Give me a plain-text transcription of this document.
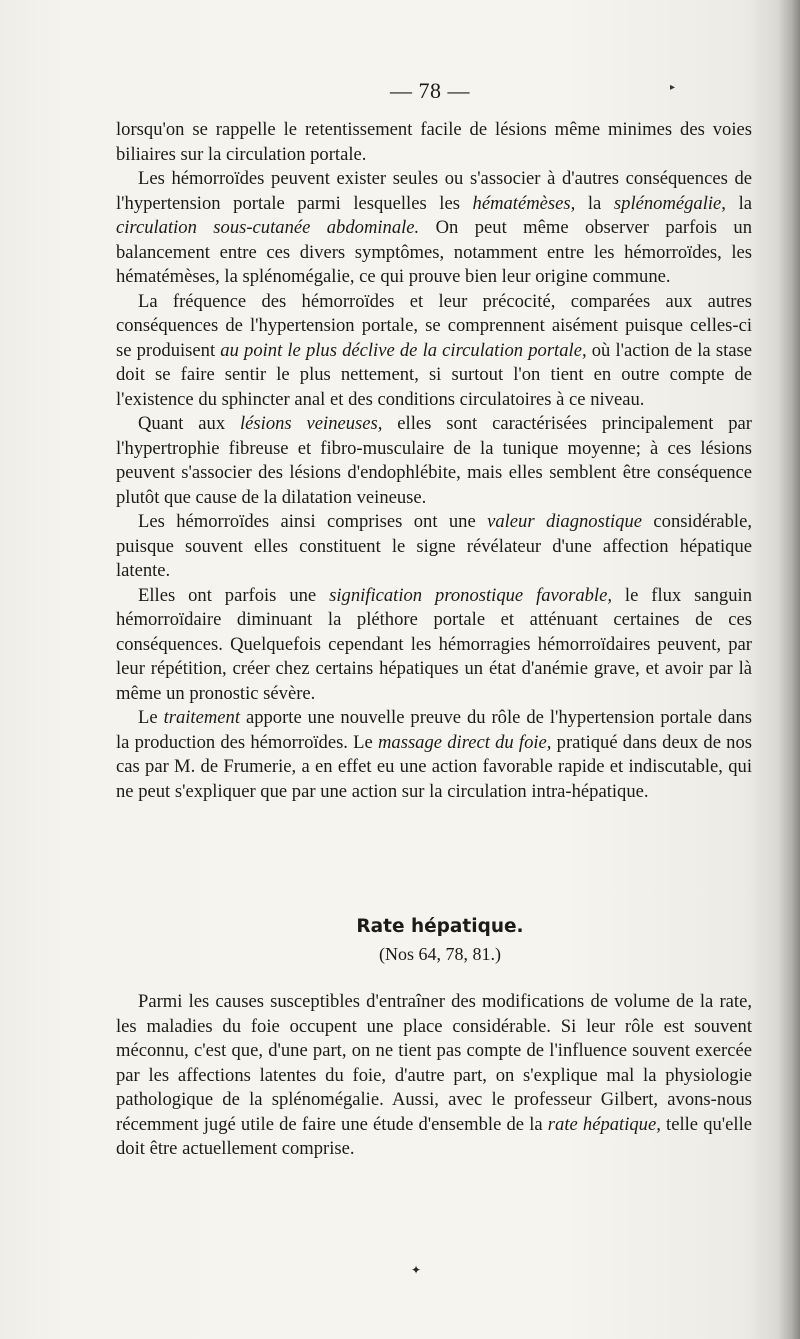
— 78 —	▸

lorsqu'on se rappelle le retentissement facile de lésions même minimes des voies biliaires sur la circulation portale.

Les hémorroïdes peuvent exister seules ou s'associer à d'autres conséquences de l'hypertension portale parmi lesquelles les hématémèses, la splénomégalie, la circulation sous-cutanée abdominale. On peut même observer parfois un balancement entre ces divers symptômes, notamment entre les hémorroïdes, les hématémèses, la splénomégalie, ce qui prouve bien leur origine commune.

La fréquence des hémorroïdes et leur précocité, comparées aux autres conséquences de l'hypertension portale, se comprennent aisément puisque celles-ci se produisent au point le plus déclive de la circulation portale, où l'action de la stase doit se faire sentir le plus nettement, si surtout l'on tient en outre compte de l'existence du sphincter anal et des conditions circulatoires à ce niveau.

Quant aux lésions veineuses, elles sont caractérisées principalement par l'hypertrophie fibreuse et fibro-musculaire de la tunique moyenne; à ces lésions peuvent s'associer des lésions d'endophlébite, mais elles semblent être conséquence plutôt que cause de la dilatation veineuse.

Les hémorroïdes ainsi comprises ont une valeur diagnostique considérable, puisque souvent elles constituent le signe révélateur d'une affection hépatique latente.

Elles ont parfois une signification pronostique favorable, le flux sanguin hémorroïdaire diminuant la pléthore portale et atténuant certaines de ces conséquences. Quelquefois cependant les hémorragies hémorroïdaires peuvent, par leur répétition, créer chez certains hépatiques un état d'anémie grave, et avoir par là même un pronostic sévère.

Le traitement apporte une nouvelle preuve du rôle de l'hypertension portale dans la production des hémorroïdes. Le massage direct du foie, pratiqué dans deux de nos cas par M. de Frumerie, a en effet eu une action favorable rapide et indiscutable, qui ne peut s'expliquer que par une action sur la circulation intra-hépatique.

Rate hépatique.
(Nos 64, 78, 81.)

Parmi les causes susceptibles d'entraîner des modifications de volume de la rate, les maladies du foie occupent une place considérable. Si leur rôle est souvent méconnu, c'est que, d'une part, on ne tient pas compte de l'influence souvent exercée par les affections latentes du foie, d'autre part, on s'explique mal la physiologie pathologique de la splénomégalie. Aussi, avec le professeur Gilbert, avons-nous récemment jugé utile de faire une étude d'ensemble de la rate hépatique, telle qu'elle doit être actuellement comprise.

✦
